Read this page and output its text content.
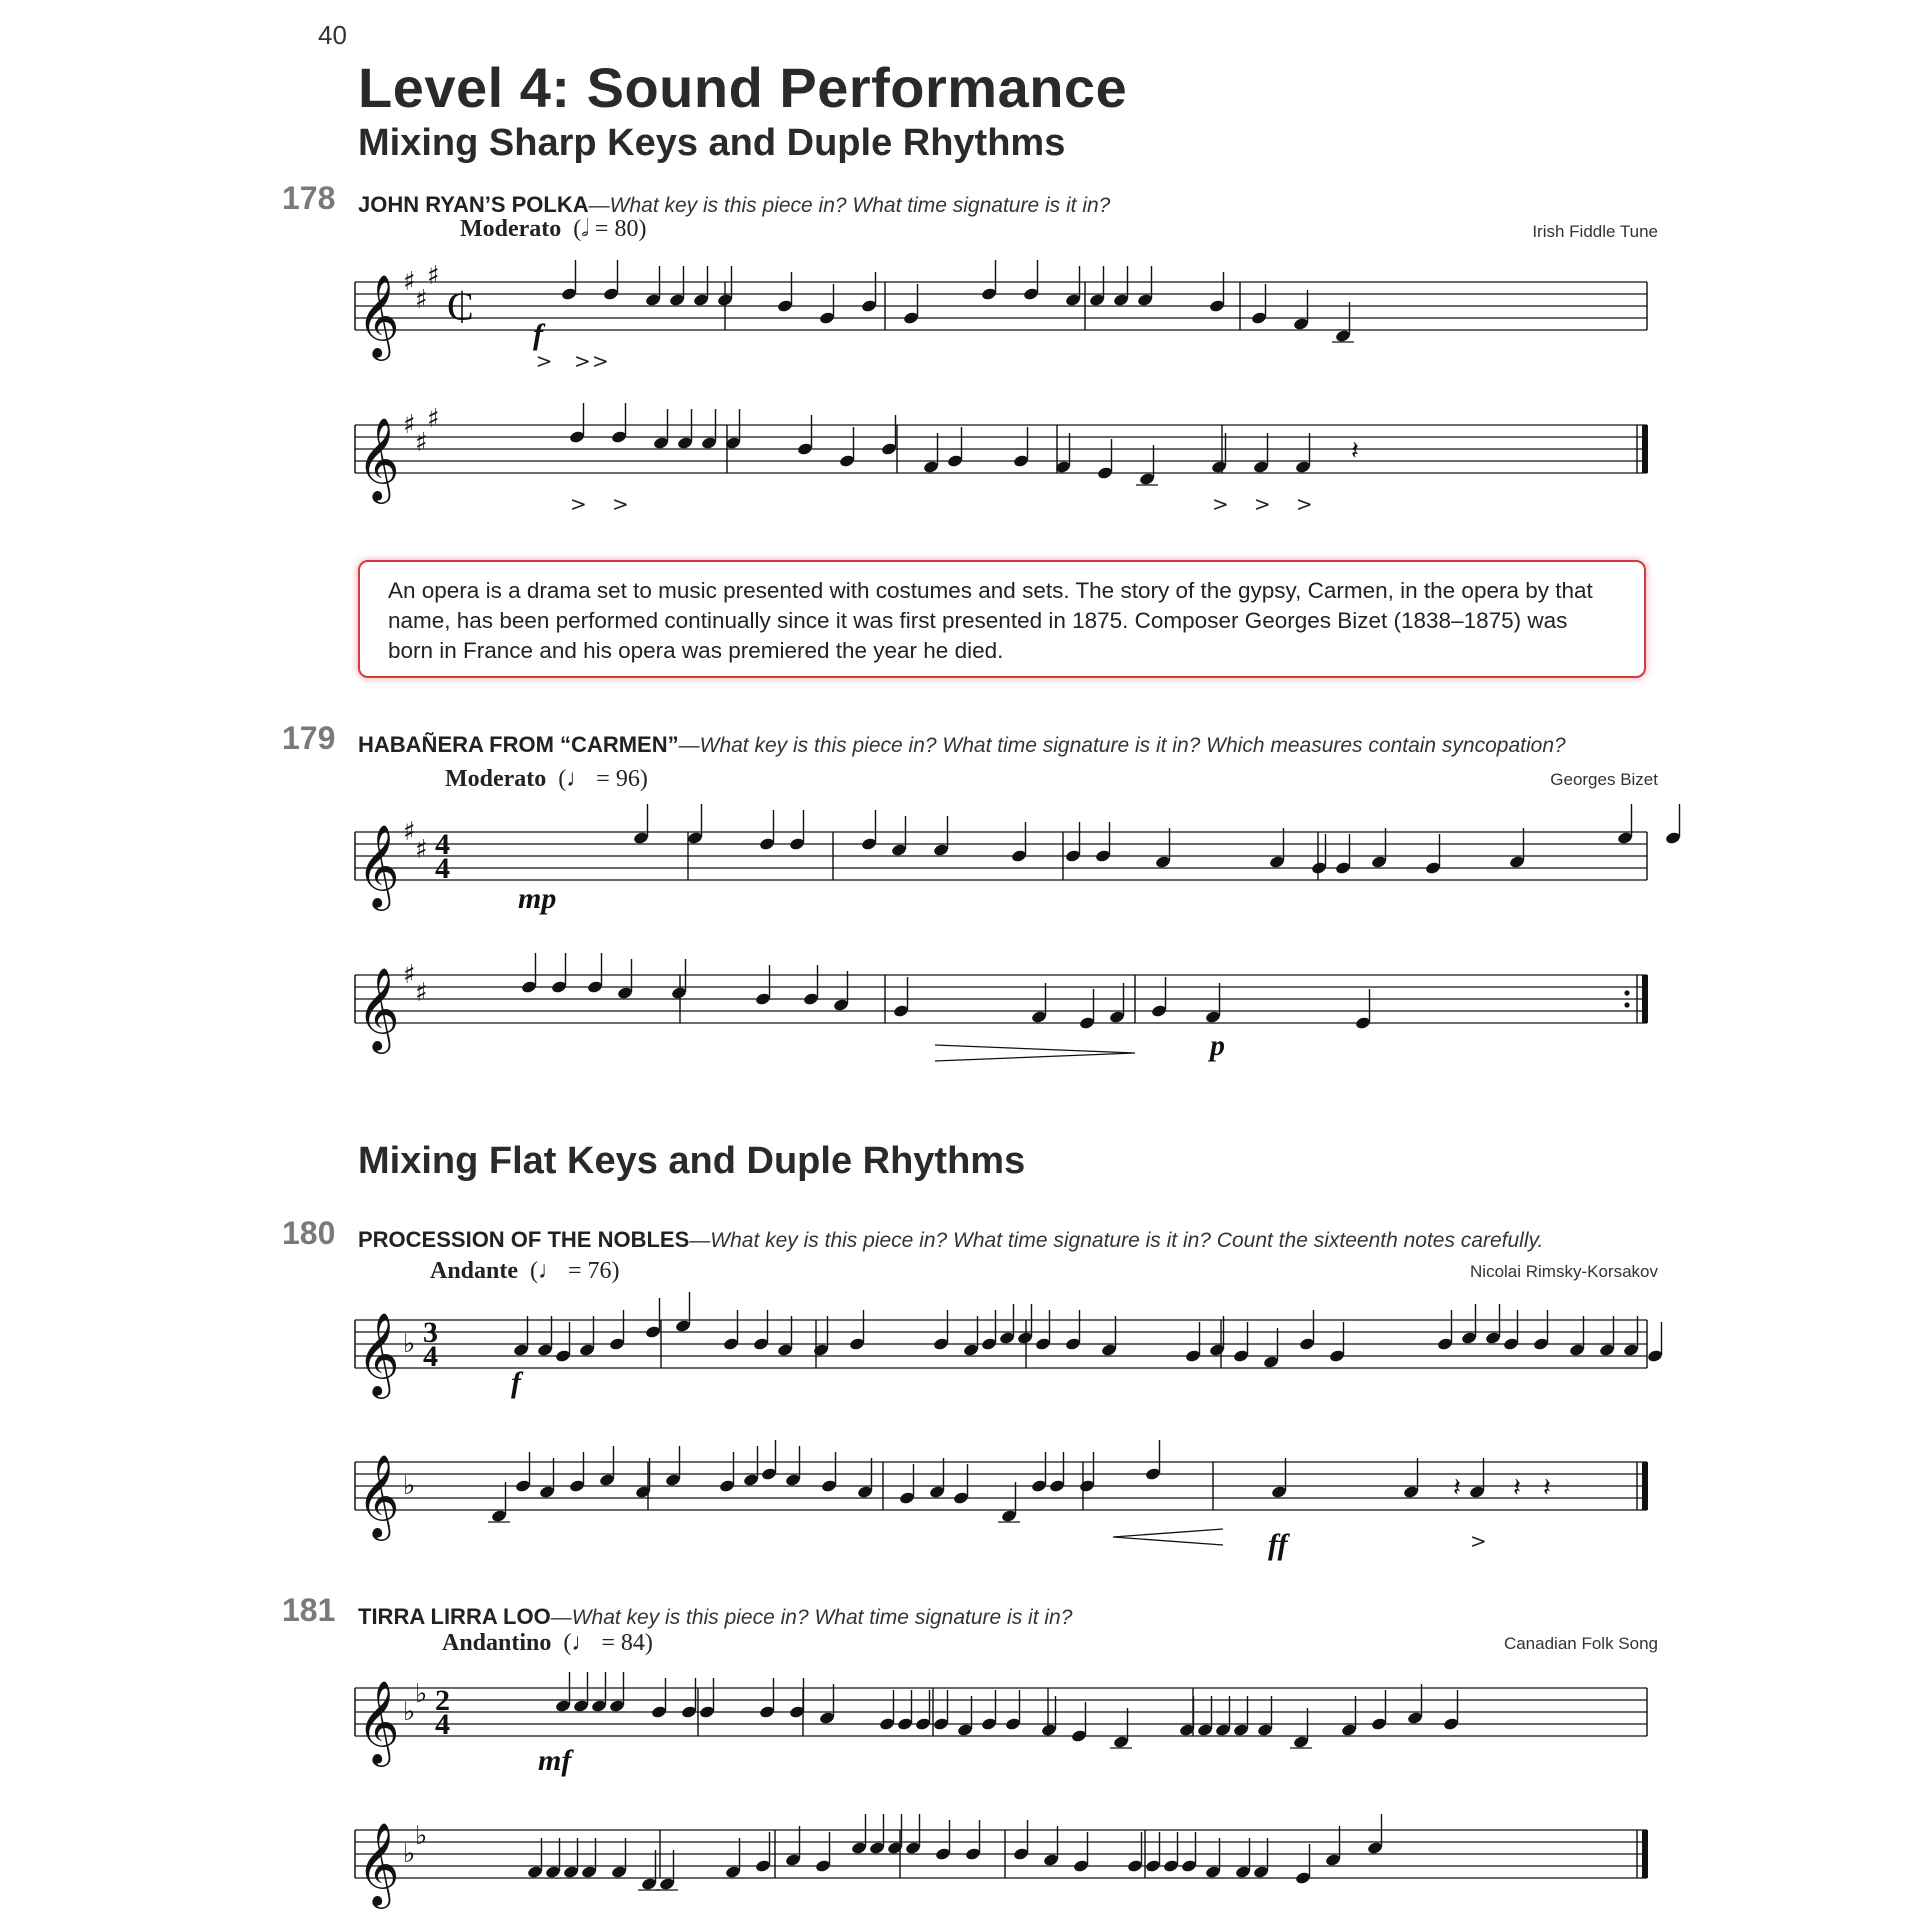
40
Level 4: Sound Performance
Mixing Sharp Keys and Duple Rhythms
178 JOHN RYAN’S POLKA—What key is this piece in? What time signature is it in?
Moderato (𝅗𝅥 = 80)	Irish Fiddle Tune
𝄞 ♯
♯
♯
₵
> > >
f
𝄞 ♯
♯
♯
𝄽
> >	> > >
An opera is a drama set to music presented with costumes and sets. The story of the gypsy, Carmen, in the opera by that name, has been performed continually since it was first presented in 1875. Composer Georges Bizet (1838–1875) was born in France and his opera was premiered the year he died.
179 HABAÑERA FROM “CARMEN”—What key is this piece in? What time signature is it in? Which measures contain syncopation?
Moderato (♩ = 96)	Georges Bizet
𝄞 ♯
♯ 4
4
mp
𝄞 ♯
♯
p
Mixing Flat Keys and Duple Rhythms
180 PROCESSION OF THE NOBLES—What key is this piece in? What time signature is it in? Count the sixteenth notes carefully.
Andante (♩ = 76)	Nicolai Rimsky-Korsakov
𝄞 ♭ 3
4
f
𝄞 ♭	𝄽 𝄽 𝄽
>
ff
181 TIRRA LIRRA LOO—What key is this piece in? What time signature is it in?
Andantino (♩ = 84)	Canadian Folk Song
𝄞 ♭
♭ 2
4
mf
𝄞 ♭
♭
